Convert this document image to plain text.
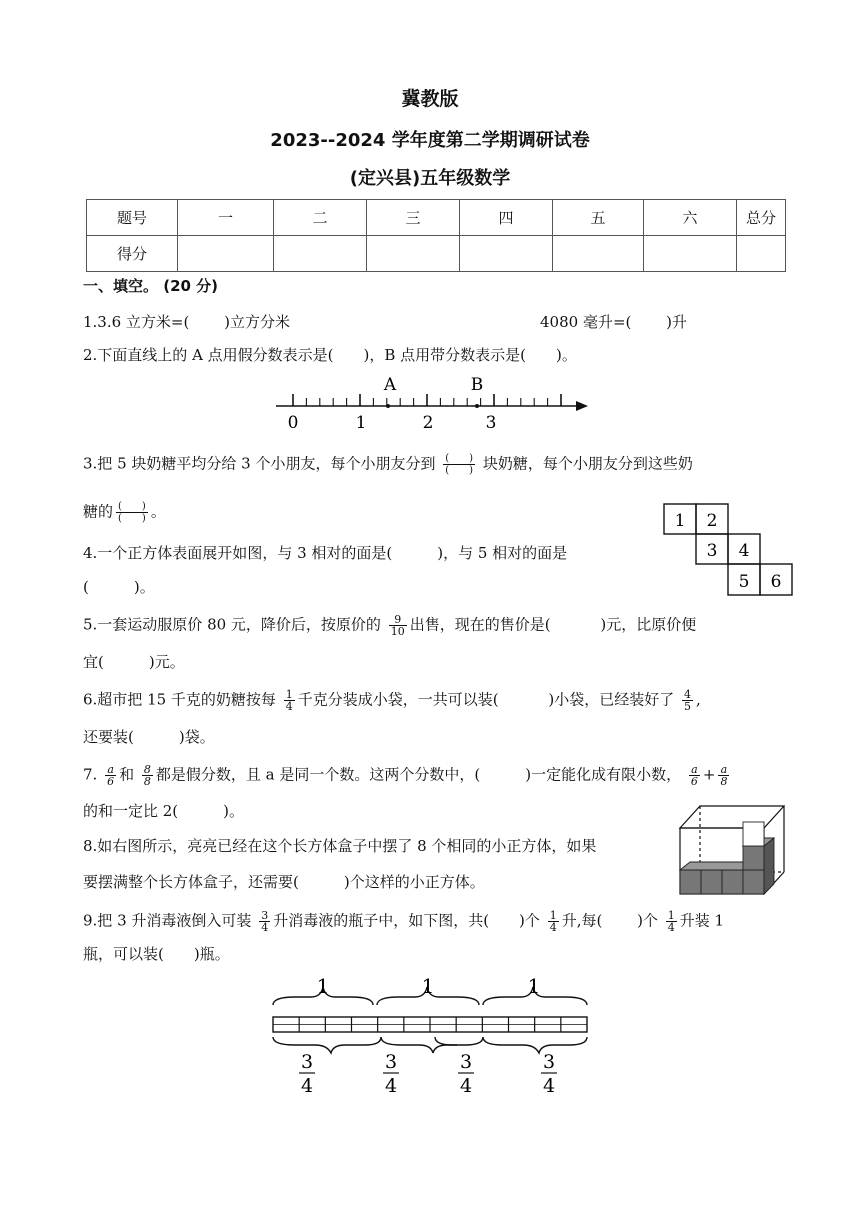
冀教版
2023--2024 学年度第二学期调研试卷
(定兴县)五年级数学
题号	一	二	三	四	五	六	总分
得分							
一、填空。 (20 分)
1.3.6 立方米=(　　 )立方分米	4080 毫升=(　　 )升
2.下面直线上的 A 点用假分数表示是(　　)，B 点用带分数表示是(　　)。
0	1	2	3
A	B
3.把 5 块奶糖平均分给 3 个小朋友，每个小朋友分到 $\frac{( )}{( )}$ 块奶糖，每个小朋友分到这些奶
糖的 $\frac{( )}{( )}$ 。
4.一个正方体表面展开如图，与 3 相对的面是(　　　)，与 5 相对的面是
(　　　)。
1 2
3 4
5 6
5.一套运动服原价 80 元，降价后，按原价的 $\frac{9}{10}$ 出售，现在的售价是(　　　 )元，比原价便
宜(　　　)元。
6.超市把 15 千克的奶糖按每 $\frac{1}{4}$ 千克分装成小袋，一共可以装(　　　 )小袋，已经装好了 $\frac{4}{5}$ ,
还要装(　　　)袋。
7. $\frac{a}{6}$ 和 $\frac{8}{8}$ 都是假分数，且 a 是同一个数。这两个分数中，(　　　)一定能化成有限小数， $\frac{a}{6} + \frac{a}{8}$
的和一定比 2(　　　)。
8.如右图所示，亮亮已经在这个长方体盒子中摆了 8 个相同的小正方体，如果
要摆满整个长方体盒子，还需要(　　　)个这样的小正方体。
9.把 3 升消毒液倒入可装 $\frac{3}{4}$ 升消毒液的瓶子中，如下图，共(　　)个 $\frac{1}{4}$ 升,每(　　 )个 $\frac{1}{4}$ 升装 1
瓶，可以装(　　)瓶。
1	1	1
3
4
3
4
3
4
3
4
